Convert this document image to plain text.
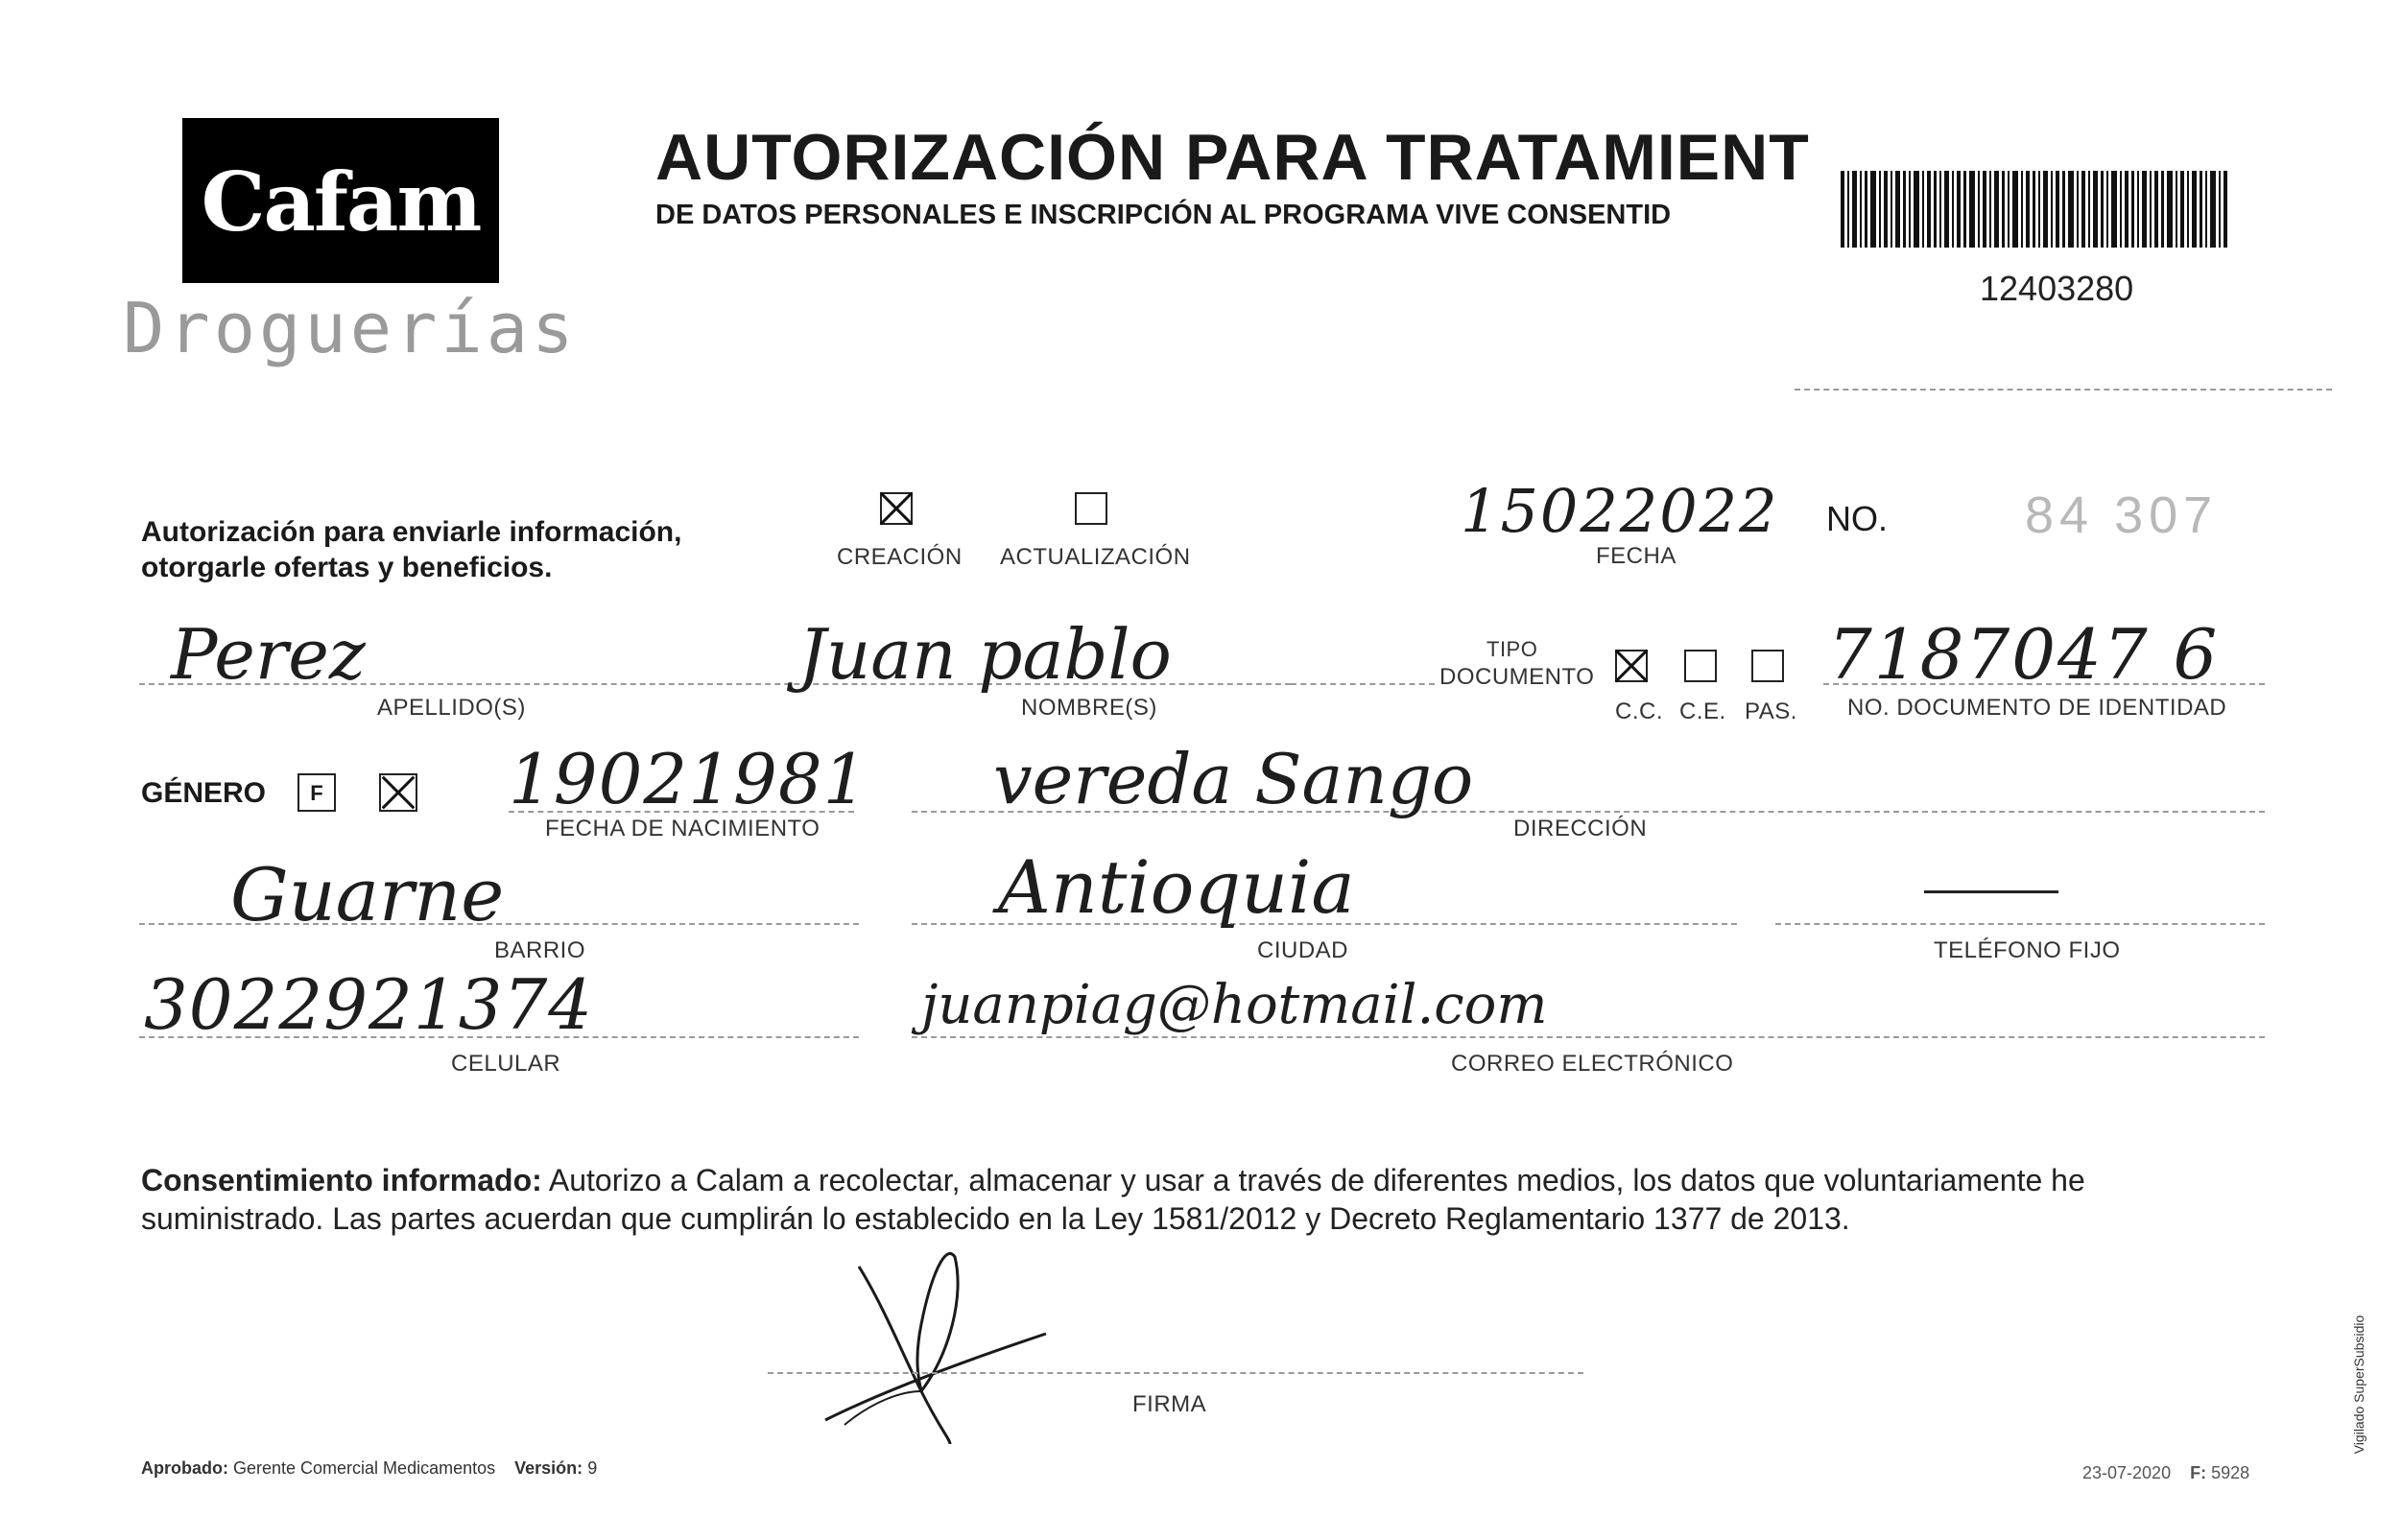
Cafam
Droguerías
AUTORIZACIÓN PARA TRATAMIENT
DE DATOS PERSONALES E INSCRIPCIÓN AL PROGRAMA VIVE CONSENTID
12403280
Autorización para enviarle información,
otorgarle ofertas y beneficios.	CREACIÓN ACTUALIZACIÓN
15022022
FECHA
NO.	84 307
Perez
APELLIDO(S)
Juan pablo
NOMBRE(S)
TIPO
DOCUMENTO
C.C. C.E. PAS.
7187047 6
NO. DOCUMENTO DE IDENTIDAD
GÉNERO	F	19021981
FECHA DE NACIMIENTO
vereda Sango
DIRECCIÓN
Guarne
BARRIO
Antioquia
CIUDAD	TELÉFONO FIJO
3022921374
CELULAR
juanpiag@hotmail.com
CORREO ELECTRÓNICO
Consentimiento informado: Autorizo a Calam a recolectar, almacenar y usar a través de diferentes medios, los datos que voluntariamente he
suministrado. Las partes acuerdan que cumplirán lo establecido en la Ley 1581/2012 y Decreto Reglamentario 1377 de 2013.
FIRMA
Aprobado: Gerente Comercial Medicamentos Versión: 9	23-07-2020 F: 5928
Vigilado SuperSubsidio
